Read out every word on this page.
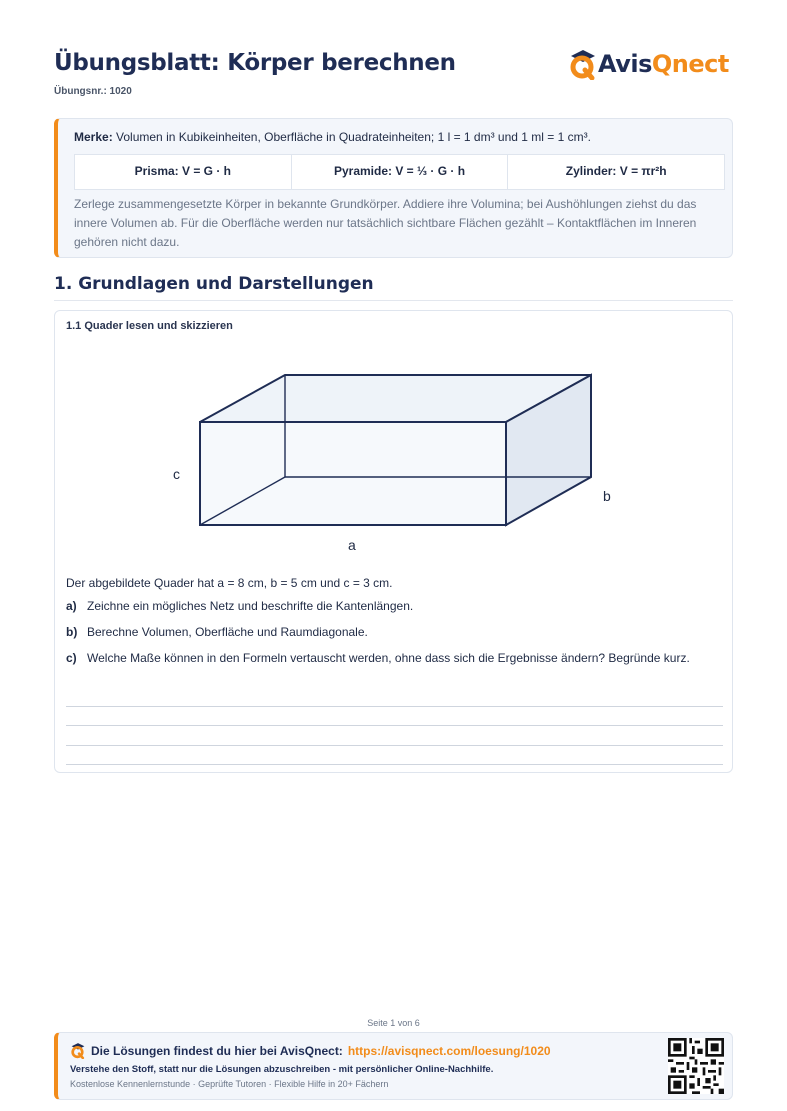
Übungsblatt: Körper berechnen
Übungsnr.: 1020
AvisQnect
Merke: Volumen in Kubikeinheiten, Oberfläche in Quadrateinheiten; 1 l = 1 dm³ und 1 ml = 1 cm³.
Prisma: V = G · h	Pyramide: V = ⅓ · G · h	Zylinder: V = πr²h
Zerlege zusammengesetzte Körper in bekannte Grundkörper. Addiere ihre Volumina; bei Aushöhlungen ziehst du das innere Volumen ab. Für die Oberfläche werden nur tatsächlich sichtbare Flächen gezählt – Kontaktflächen im Inneren gehören nicht dazu.
1. Grundlagen und Darstellungen
1.1 Quader lesen und skizzieren
c
b
a
Der abgebildete Quader hat a = 8 cm, b = 5 cm und c = 3 cm.
a) Zeichne ein mögliches Netz und beschrifte die Kantenlängen.
b) Berechne Volumen, Oberfläche und Raumdiagonale.
c) Welche Maße können in den Formeln vertauscht werden, ohne dass sich die Ergebnisse ändern? Begründe kurz.
Seite 1 von 6
Die Lösungen findest du hier bei AvisQnect: https://avisqnect.com/loesung/1020
Verstehe den Stoff, statt nur die Lösungen abzuschreiben - mit persönlicher Online-Nachhilfe.
Kostenlose Kennenlernstunde · Geprüfte Tutoren · Flexible Hilfe in 20+ Fächern
